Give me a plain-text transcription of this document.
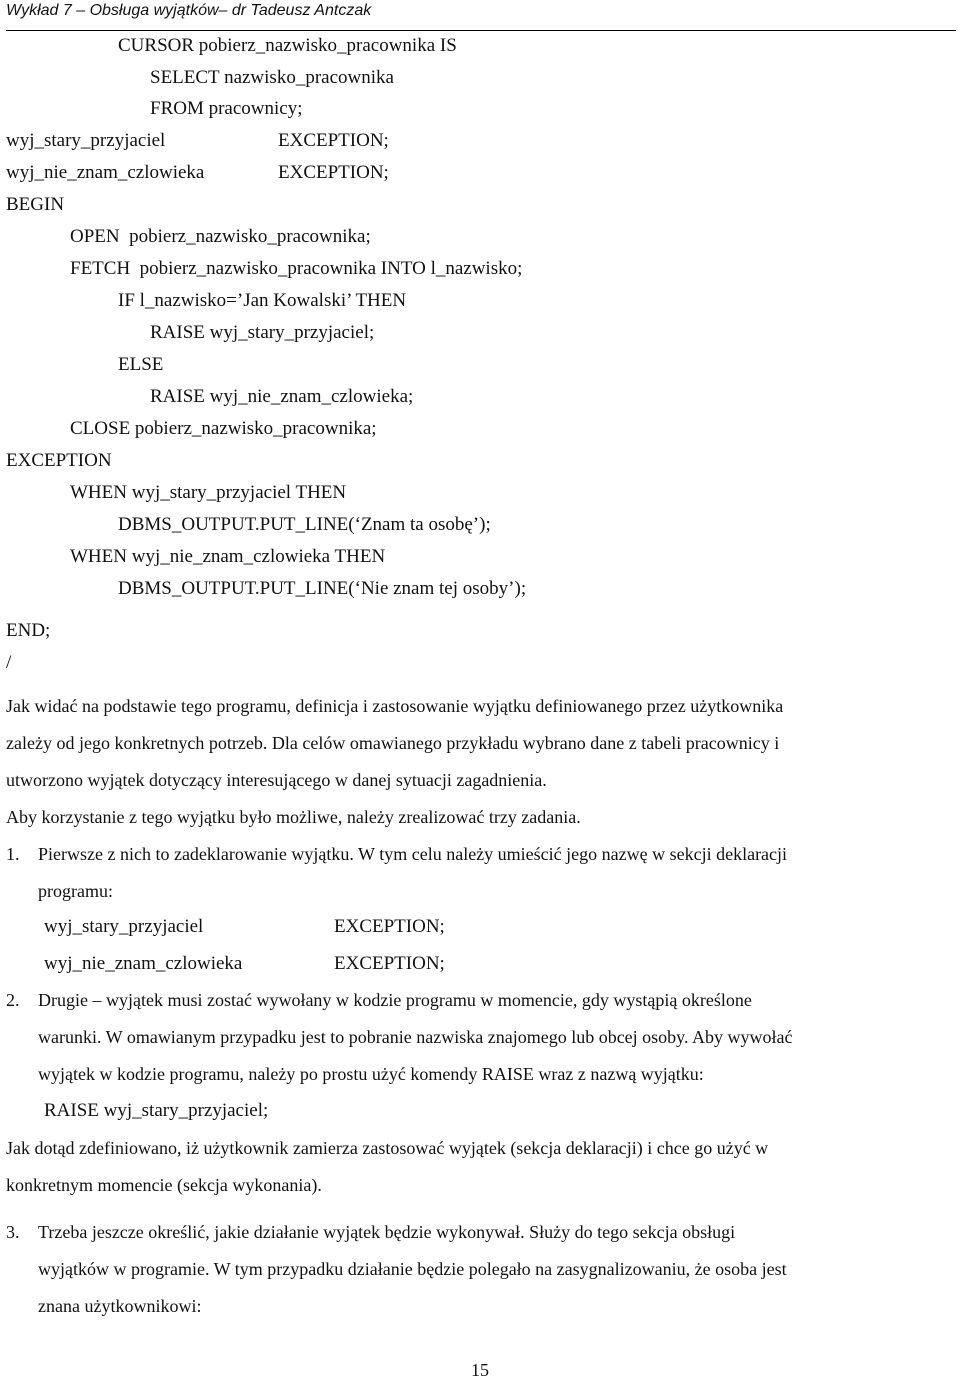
Wykład 7 – Obsługa wyjątków– dr Tadeusz Antczak
CURSOR pobierz_nazwisko_pracownika IS
SELECT nazwisko_pracownika
FROM pracownicy;
wyj_stary_przyjaciel	EXCEPTION;
wyj_nie_znam_czlowieka	EXCEPTION;
BEGIN
OPEN  pobierz_nazwisko_pracownika;
FETCH  pobierz_nazwisko_pracownika INTO l_nazwisko;
IF l_nazwisko=’Jan Kowalski’ THEN
RAISE wyj_stary_przyjaciel;
ELSE
RAISE wyj_nie_znam_czlowieka;
CLOSE pobierz_nazwisko_pracownika;
EXCEPTION
WHEN wyj_stary_przyjaciel THEN
DBMS_OUTPUT.PUT_LINE(‘Znam ta osobę’);
WHEN wyj_nie_znam_czlowieka THEN
DBMS_OUTPUT.PUT_LINE(‘Nie znam tej osoby’);
END;
/
Jak widać na podstawie tego programu, definicja i zastosowanie wyjątku definiowanego przez użytkownika
zależy od jego konkretnych potrzeb. Dla celów omawianego przykładu wybrano dane z tabeli pracownicy i
utworzono wyjątek dotyczący interesującego w danej sytuacji zagadnienia.
Aby korzystanie z tego wyjątku było możliwe, należy zrealizować trzy zadania.
1. Pierwsze z nich to zadeklarowanie wyjątku. W tym celu należy umieścić jego nazwę w sekcji deklaracji
programu:
wyj_stary_przyjaciel	EXCEPTION;
wyj_nie_znam_czlowieka	EXCEPTION;
2. Drugie – wyjątek musi zostać wywołany w kodzie programu w momencie, gdy wystąpią określone
warunki. W omawianym przypadku jest to pobranie nazwiska znajomego lub obcej osoby. Aby wywołać
wyjątek w kodzie programu, należy po prostu użyć komendy RAISE wraz z nazwą wyjątku:
RAISE wyj_stary_przyjaciel;
Jak dotąd zdefiniowano, iż użytkownik zamierza zastosować wyjątek (sekcja deklaracji) i chce go użyć w
konkretnym momencie (sekcja wykonania).
3. Trzeba jeszcze określić, jakie działanie wyjątek będzie wykonywał. Służy do tego sekcja obsługi
wyjątków w programie. W tym przypadku działanie będzie polegało na zasygnalizowaniu, że osoba jest
znana użytkownikowi:
15
